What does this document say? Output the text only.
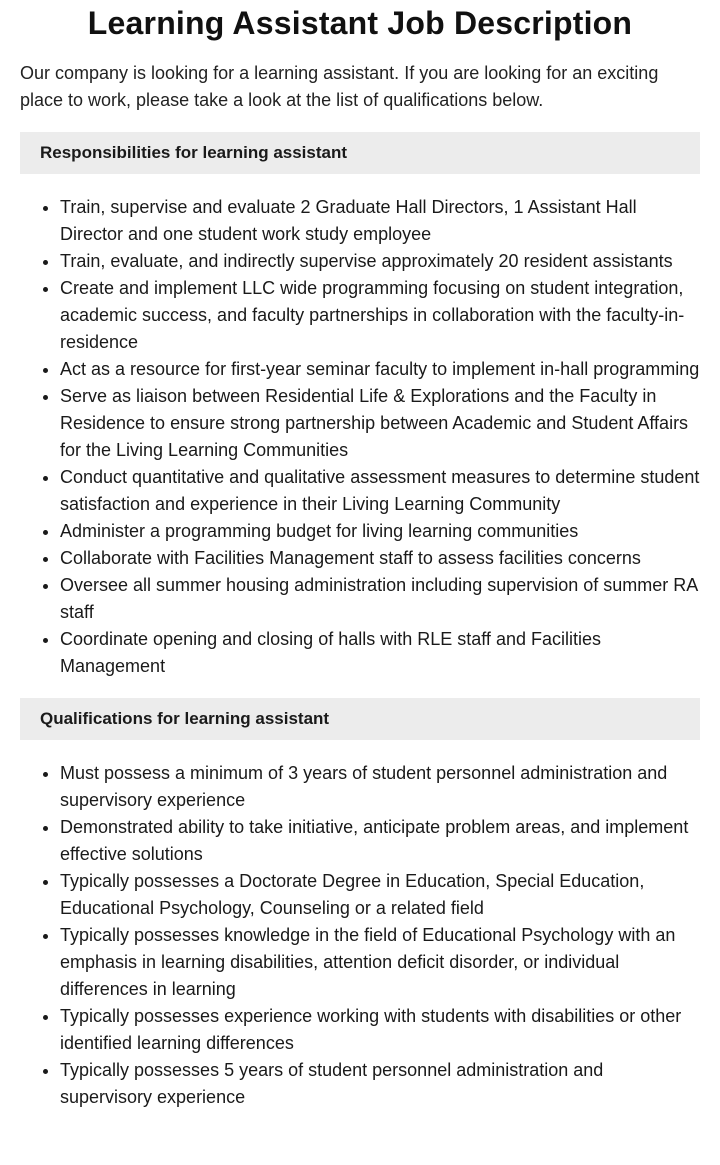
Learning Assistant Job Description

Our company is looking for a learning assistant. If you are looking for an exciting place to work, please take a look at the list of qualifications below.

Responsibilities for learning assistant
• Train, supervise and evaluate 2 Graduate Hall Directors, 1 Assistant Hall Director and one student work study employee
• Train, evaluate, and indirectly supervise approximately 20 resident assistants
• Create and implement LLC wide programming focusing on student integration, academic success, and faculty partnerships in collaboration with the faculty-in-residence
• Act as a resource for first-year seminar faculty to implement in-hall programming
• Serve as liaison between Residential Life & Explorations and the Faculty in Residence to ensure strong partnership between Academic and Student Affairs for the Living Learning Communities
• Conduct quantitative and qualitative assessment measures to determine student satisfaction and experience in their Living Learning Community
• Administer a programming budget for living learning communities
• Collaborate with Facilities Management staff to assess facilities concerns
• Oversee all summer housing administration including supervision of summer RA staff
• Coordinate opening and closing of halls with RLE staff and Facilities Management
Qualifications for learning assistant
• Must possess a minimum of 3 years of student personnel administration and supervisory experience
• Demonstrated ability to take initiative, anticipate problem areas, and implement effective solutions
• Typically possesses a Doctorate Degree in Education, Special Education, Educational Psychology, Counseling or a related field
• Typically possesses knowledge in the field of Educational Psychology with an emphasis in learning disabilities, attention deficit disorder, or individual differences in learning
• Typically possesses experience working with students with disabilities or other identified learning differences
• Typically possesses 5 years of student personnel administration and supervisory experience
